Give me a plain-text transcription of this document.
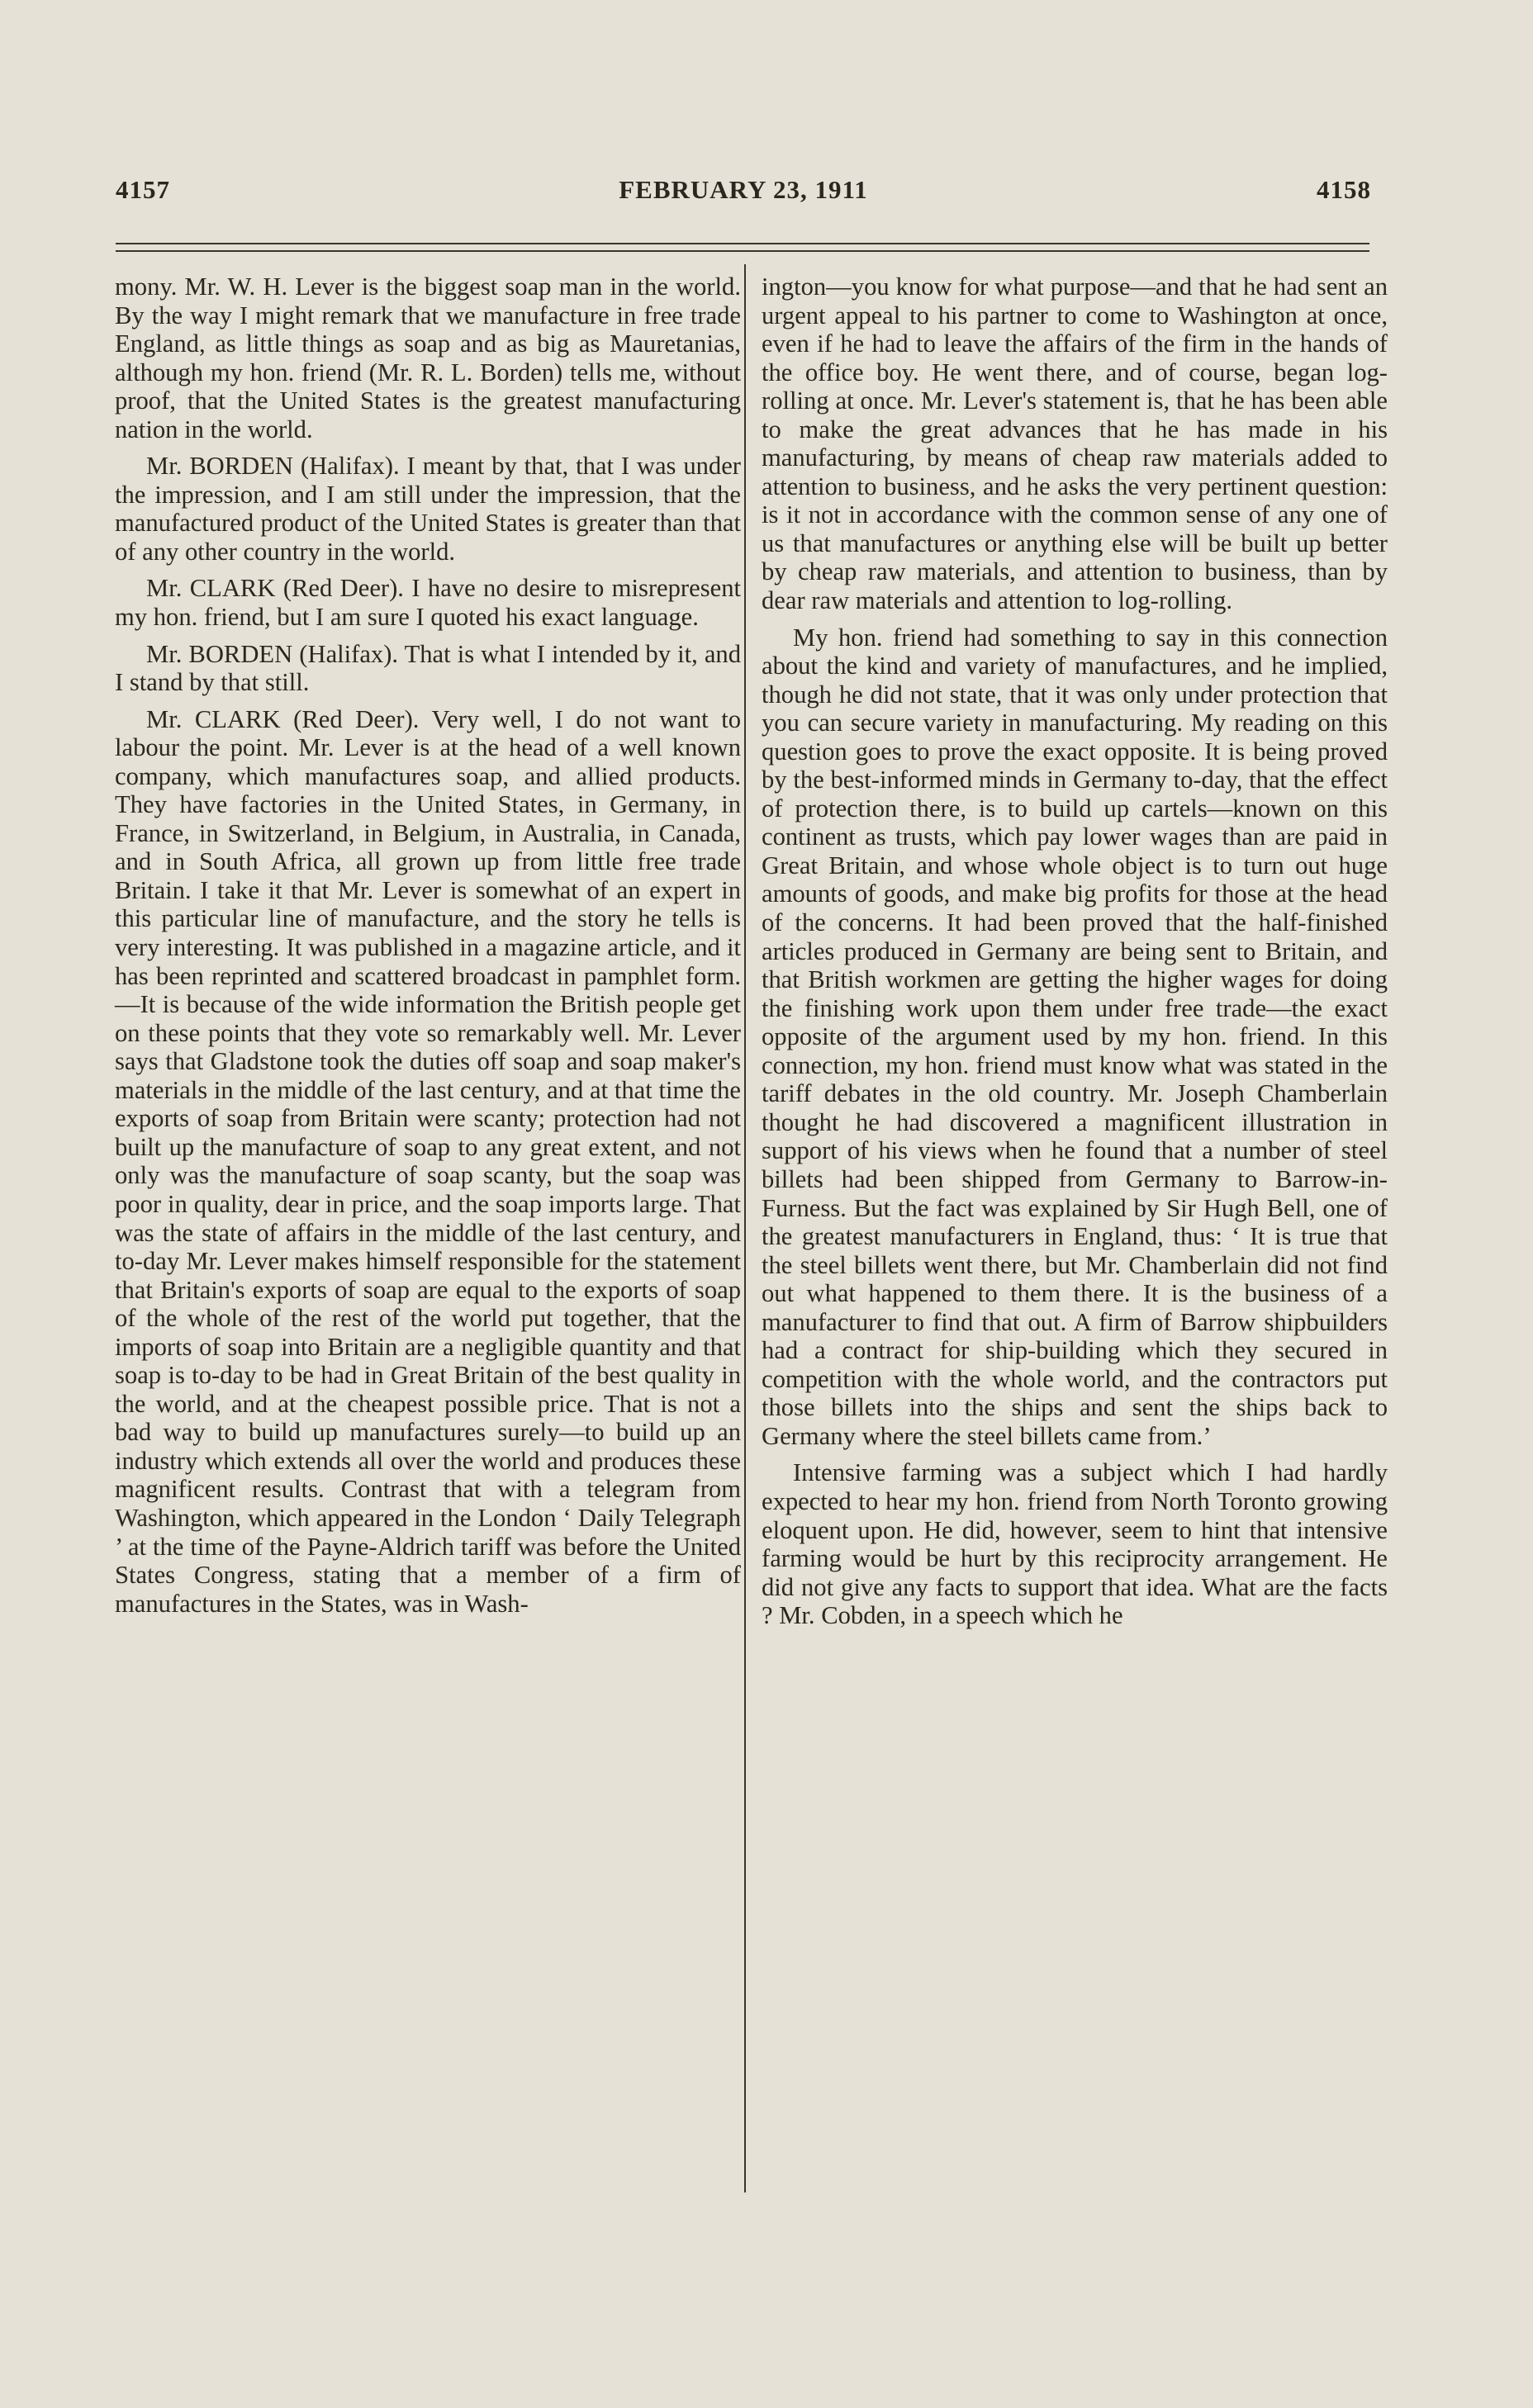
4157	FEBRUARY 23, 1911	4158

mony. Mr. W. H. Lever is the biggest soap man in the world. By the way I might remark that we manufacture in free trade England, as little things as soap and as big as Mauretanias, although my hon. friend (Mr. R. L. Borden) tells me, without proof, that the United States is the greatest manufacturing nation in the world.

Mr. BORDEN (Halifax). I meant by that, that I was under the impression, and I am still under the impression, that the manufactured product of the United States is greater than that of any other country in the world.

Mr. CLARK (Red Deer). I have no desire to misrepresent my hon. friend, but I am sure I quoted his exact language.

Mr. BORDEN (Halifax). That is what I intended by it, and I stand by that still.

Mr. CLARK (Red Deer). Very well, I do not want to labour the point. Mr. Lever is at the head of a well known company, which manufactures soap, and allied products. They have factories in the United States, in Germany, in France, in Switzerland, in Belgium, in Australia, in Canada, and in South Africa, all grown up from little free trade Britain. I take it that Mr. Lever is somewhat of an expert in this particular line of manufacture, and the story he tells is very interesting. It was published in a magazine article, and it has been reprinted and scattered broadcast in pamphlet form.—It is because of the wide information the British people get on these points that they vote so remarkably well. Mr. Lever says that Gladstone took the duties off soap and soap maker's materials in the middle of the last century, and at that time the exports of soap from Britain were scanty; protection had not built up the manufacture of soap to any great extent, and not only was the manufacture of soap scanty, but the soap was poor in quality, dear in price, and the soap imports large. That was the state of affairs in the middle of the last century, and to-day Mr. Lever makes himself responsible for the statement that Britain's exports of soap are equal to the exports of soap of the whole of the rest of the world put together, that the imports of soap into Britain are a negligible quantity and that soap is to-day to be had in Great Britain of the best quality in the world, and at the cheapest possible price. That is not a bad way to build up manufactures surely—to build up an industry which extends all over the world and produces these magnificent results. Contrast that with a telegram from Washington, which appeared in the London ‘ Daily Telegraph ’ at the time of the Payne-Aldrich tariff was before the United States Congress, stating that a member of a firm of manufactures in the States, was in Wash-

ington—you know for what purpose—and that he had sent an urgent appeal to his partner to come to Washington at once, even if he had to leave the affairs of the firm in the hands of the office boy. He went there, and of course, began log-rolling at once. Mr. Lever's statement is, that he has been able to make the great advances that he has made in his manufacturing, by means of cheap raw materials added to attention to business, and he asks the very pertinent question: is it not in accordance with the common sense of any one of us that manufactures or anything else will be built up better by cheap raw materials, and attention to business, than by dear raw materials and attention to log-rolling.

My hon. friend had something to say in this connection about the kind and variety of manufactures, and he implied, though he did not state, that it was only under protection that you can secure variety in manufacturing. My reading on this question goes to prove the exact opposite. It is being proved by the best-informed minds in Germany to-day, that the effect of protection there, is to build up cartels—known on this continent as trusts, which pay lower wages than are paid in Great Britain, and whose whole object is to turn out huge amounts of goods, and make big profits for those at the head of the concerns. It had been proved that the half-finished articles produced in Germany are being sent to Britain, and that British workmen are getting the higher wages for doing the finishing work upon them under free trade—the exact opposite of the argument used by my hon. friend. In this connection, my hon. friend must know what was stated in the tariff debates in the old country. Mr. Joseph Chamberlain thought he had discovered a magnificent illustration in support of his views when he found that a number of steel billets had been shipped from Germany to Barrow-in-Furness. But the fact was explained by Sir Hugh Bell, one of the greatest manufacturers in England, thus: ‘ It is true that the steel billets went there, but Mr. Chamberlain did not find out what happened to them there. It is the business of a manufacturer to find that out. A firm of Barrow shipbuilders had a contract for ship-building which they secured in competition with the whole world, and the contractors put those billets into the ships and sent the ships back to Germany where the steel billets came from.’

Intensive farming was a subject which I had hardly expected to hear my hon. friend from North Toronto growing eloquent upon. He did, however, seem to hint that intensive farming would be hurt by this reciprocity arrangement. He did not give any facts to support that idea. What are the facts ? Mr. Cobden, in a speech which he
